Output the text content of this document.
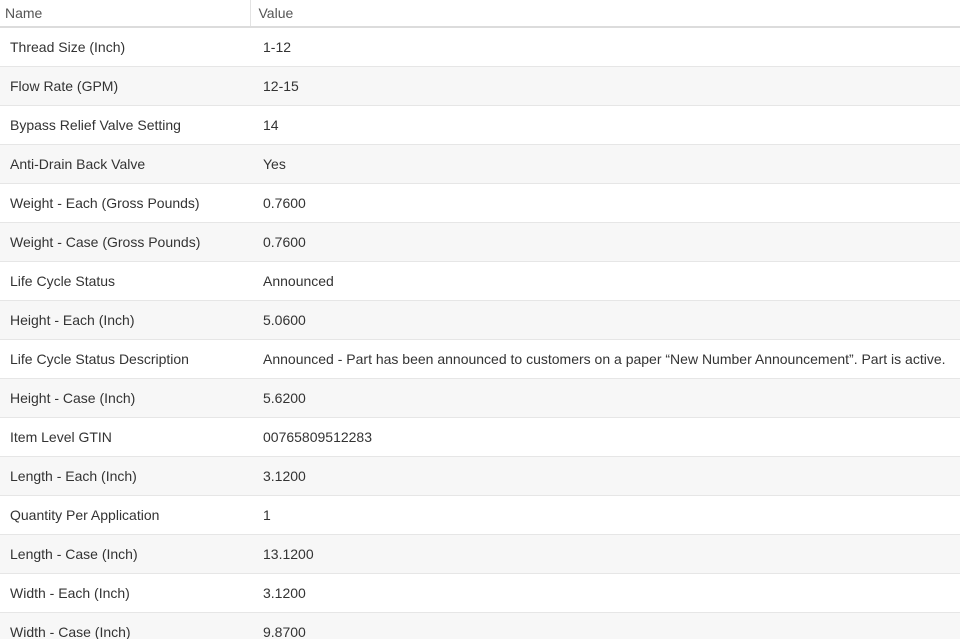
Name	Value
Thread Size (Inch)	1-12
Flow Rate (GPM)	12-15
Bypass Relief Valve Setting	14
Anti-Drain Back Valve	Yes
Weight - Each (Gross Pounds)	0.7600
Weight - Case (Gross Pounds)	0.7600
Life Cycle Status	Announced
Height - Each (Inch)	5.0600
Life Cycle Status Description	Announced - Part has been announced to customers on a paper “New Number Announcement”. Part is active.
Height - Case (Inch)	5.6200
Item Level GTIN	00765809512283
Length - Each (Inch)	3.1200
Quantity Per Application	1
Length - Case (Inch)	13.1200
Width - Each (Inch)	3.1200
Width - Case (Inch)	9.8700
